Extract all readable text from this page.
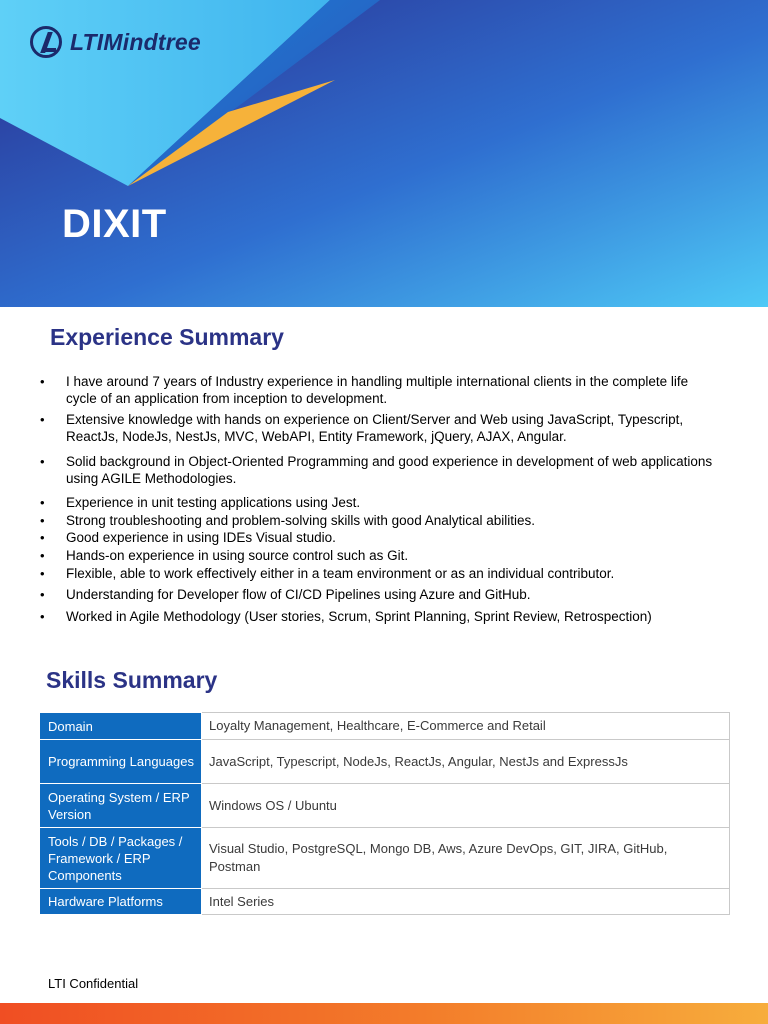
LTIMindtree
DIXIT
Experience Summary
• I have around 7 years of Industry experience in handling multiple international clients in the complete life cycle of an application from inception to development.
• Extensive knowledge with hands on experience on Client/Server and Web using JavaScript, Typescript, ReactJs, NodeJs, NestJs, MVC, WebAPI, Entity Framework, jQuery, AJAX, Angular.
• Solid background in Object-Oriented Programming and good experience in development of web applications using AGILE Methodologies.
• Experience in unit testing applications using Jest.
• Strong troubleshooting and problem-solving skills with good Analytical abilities.
• Good experience in using IDEs Visual studio.
• Hands-on experience in using source control such as Git.
• Flexible, able to work effectively either in a team environment or as an individual contributor.
• Understanding for Developer flow of CI/CD Pipelines using Azure and GitHub.
• Worked in Agile Methodology (User stories, Scrum, Sprint Planning, Sprint Review, Retrospection)
Skills Summary
Domain	Loyalty Management, Healthcare, E-Commerce and Retail
Programming Languages	JavaScript, Typescript, NodeJs, ReactJs, Angular, NestJs and ExpressJs
Operating System / ERP Version	Windows OS / Ubuntu
Tools / DB / Packages / Framework / ERP Components	Visual Studio, PostgreSQL, Mongo DB, Aws, Azure DevOps, GIT, JIRA, GitHub, Postman
Hardware Platforms	Intel Series
LTI Confidential
